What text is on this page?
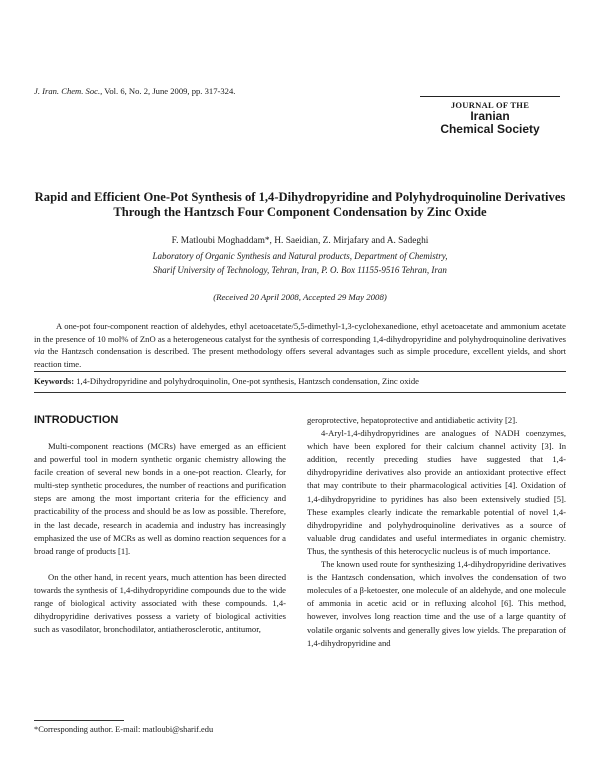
J. Iran. Chem. Soc., Vol. 6, No. 2, June 2009, pp. 317-324.
JOURNAL OF THE
Iranian
Chemical Society
Rapid and Efficient One-Pot Synthesis of 1,4-Dihydropyridine and Polyhydroquinoline Derivatives Through the Hantzsch Four Component Condensation by Zinc Oxide
F. Matloubi Moghaddam*, H. Saeidian, Z. Mirjafary and A. Sadeghi
Laboratory of Organic Synthesis and Natural products, Department of Chemistry,
Sharif University of Technology, Tehran, Iran, P. O. Box 11155-9516 Tehran, Iran
(Received 20 April 2008, Accepted 29 May 2008)
A one-pot four-component reaction of aldehydes, ethyl acetoacetate/5,5-dimethyl-1,3-cyclohexanedione, ethyl acetoacetate and ammonium acetate in the presence of 10 mol% of ZnO as a heterogeneous catalyst for the synthesis of corresponding 1,4-dihydropyridine and polyhydroquinoline derivatives via the Hantzsch condensation is described. The present methodology offers several advantages such as simple procedure, excellent yields, and short reaction time.
Keywords: 1,4-Dihydropyridine and polyhydroquinolin, One-pot synthesis, Hantzsch condensation, Zinc oxide
INTRODUCTION

Multi-component reactions (MCRs) have emerged as an efficient and powerful tool in modern synthetic organic chemistry allowing the facile creation of several new bonds in a one-pot reaction. Clearly, for multi-step synthetic procedures, the number of reactions and purification steps are among the most important criteria for the efficiency and practicability of the process and should be as low as possible. Therefore, in the last decade, research in academia and industry has increasingly emphasized the use of MCRs as well as domino reaction sequences for a broad range of products [1].

On the other hand, in recent years, much attention has been directed towards the synthesis of 1,4-dihydropyridine compounds due to the wide range of biological activity associated with these compounds. 1,4-dihydropyridine derivatives possess a variety of biological activities such as vasodilator, bronchodilator, antiatherosclerotic, antitumor,

geroprotective, hepatoprotective and antidiabetic activity [2].

4-Aryl-1,4-dihydropyridines are analogues of NADH coenzymes, which have been explored for their calcium channel activity [3]. In addition, recently preceding studies have suggested that 1,4-dihydropyridine derivatives also provide an antioxidant protective effect that may contribute to their pharmacological activities [4]. Oxidation of 1,4-dihydropyridine to pyridines has also been extensively studied [5]. These examples clearly indicate the remarkable potential of novel 1,4-dihydropyridine and polyhydroquinoline derivatives as a source of valuable drug candidates and useful intermediates in organic chemistry. Thus, the synthesis of this heterocyclic nucleus is of much importance.

The known used route for synthesizing 1,4-dihydropyridine derivatives is the Hantzsch condensation, which involves the condensation of two molecules of a β-ketoester, one molecule of an aldehyde, and one molecule of ammonia in acetic acid or in refluxing alcohol [6]. This method, however, involves long reaction time and the use of a large quantity of volatile organic solvents and generally gives low yields. The preparation of 1,4-dihydropyridine and

*Corresponding author. E-mail: matloubi@sharif.edu
